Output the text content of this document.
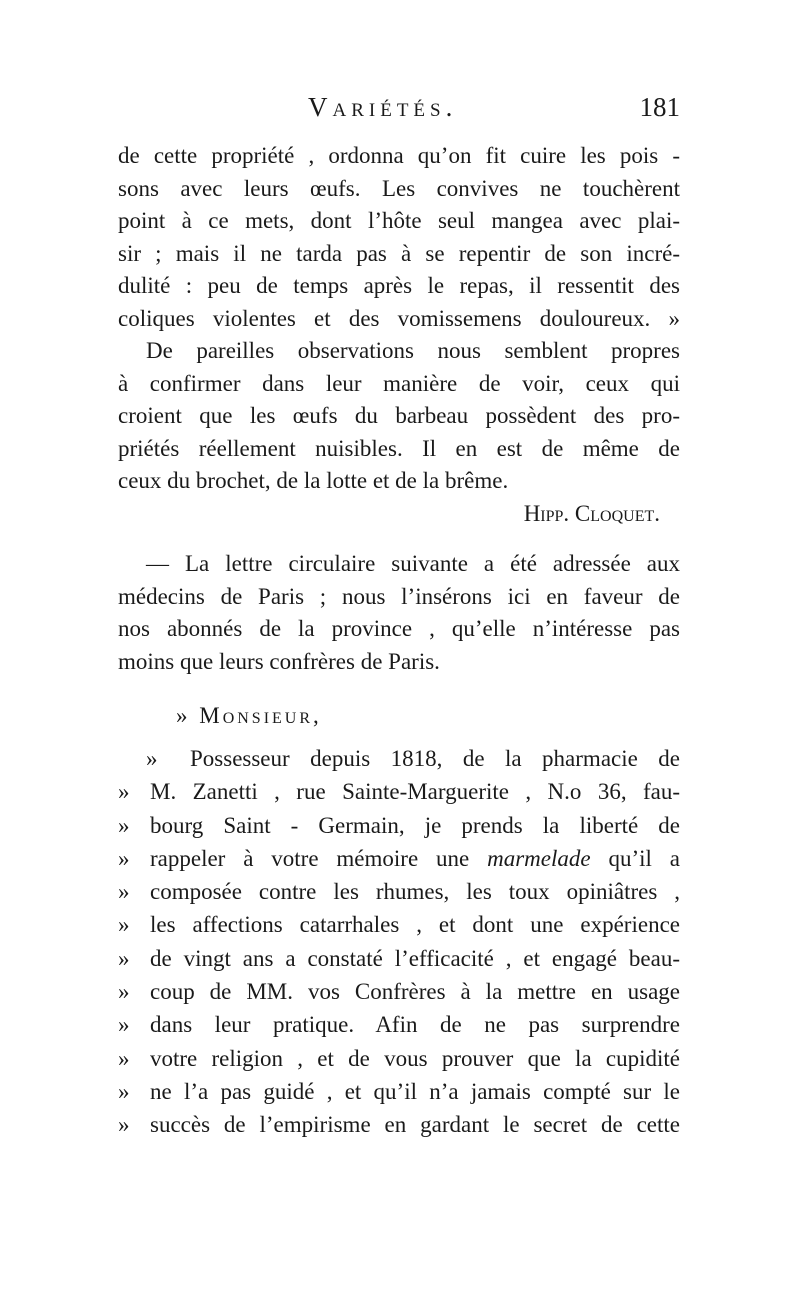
Variétés.	181
de cette propriété , ordonna qu’on fit cuire les pois -
sons avec leurs œufs. Les convives ne touchèrent
point à ce mets, dont l’hôte seul mangea avec plai-
sir ; mais il ne tarda pas à se repentir de son incré-
dulité : peu de temps après le repas, il ressentit des
coliques violentes et des vomissemens douloureux. »
De pareilles observations nous semblent propres
à confirmer dans leur manière de voir, ceux qui
croient que les œufs du barbeau possèdent des pro-
priétés réellement nuisibles. Il en est de même de
ceux du brochet, de la lotte et de la brême.
Hipp. Cloquet.
— La lettre circulaire suivante a été adressée aux
médecins de Paris ; nous l’insérons ici en faveur de
nos abonnés de la province , qu’elle n’intéresse pas
moins que leurs confrères de Paris.
» Monsieur,
» Possesseur depuis 1818, de la pharmacie de
» M. Zanetti , rue Sainte-Marguerite , N.o 36, fau-
» bourg Saint - Germain, je prends la liberté de
» rappeler à votre mémoire une marmelade qu’il a
» composée contre les rhumes, les toux opiniâtres ,
» les affections catarrhales , et dont une expérience
» de vingt ans a constaté l’efficacité , et engagé beau-
» coup de MM. vos Confrères à la mettre en usage
» dans leur pratique. Afin de ne pas surprendre
» votre religion , et de vous prouver que la cupidité
» ne l’a pas guidé , et qu’il n’a jamais compté sur le
» succès de l’empirisme en gardant le secret de cette
